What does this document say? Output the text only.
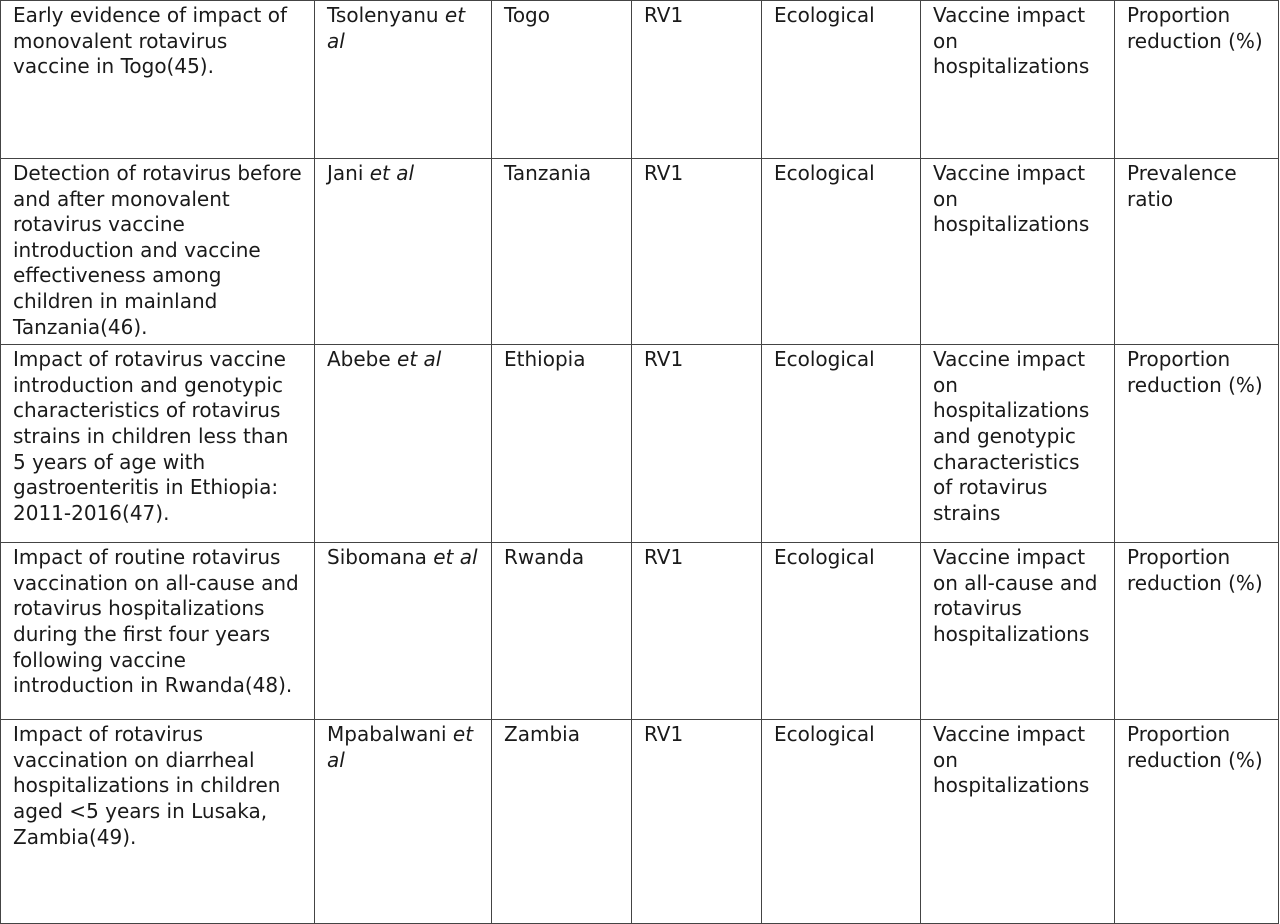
Early evidence of impact of monovalent rotavirus vaccine in Togo(45).	Tsolenyanu et al	Togo	RV1	Ecological	Vaccine impact on hospitalizations	Proportion reduction (%)
Detection of rotavirus before and after monovalent rotavirus vaccine introduction and vaccine effectiveness among children in mainland Tanzania(46).	Jani et al	Tanzania	RV1	Ecological	Vaccine impact on hospitalizations	Prevalence ratio
Impact of rotavirus vaccine introduction and genotypic characteristics of rotavirus strains in children less than 5 years of age with gastroenteritis in Ethiopia: 2011-2016(47).	Abebe et al	Ethiopia	RV1	Ecological	Vaccine impact on hospitalizations and genotypic characteristics of rotavirus strains	Proportion reduction (%)
Impact of routine rotavirus vaccination on all-cause and rotavirus hospitalizations during the first four years following vaccine introduction in Rwanda(48).	Sibomana et al	Rwanda	RV1	Ecological	Vaccine impact on all-cause and rotavirus hospitalizations	Proportion reduction (%)
Impact of rotavirus vaccination on diarrheal hospitalizations in children aged <5 years in Lusaka, Zambia(49).	Mpabalwani et al	Zambia	RV1	Ecological	Vaccine impact on hospitalizations	Proportion reduction (%)
